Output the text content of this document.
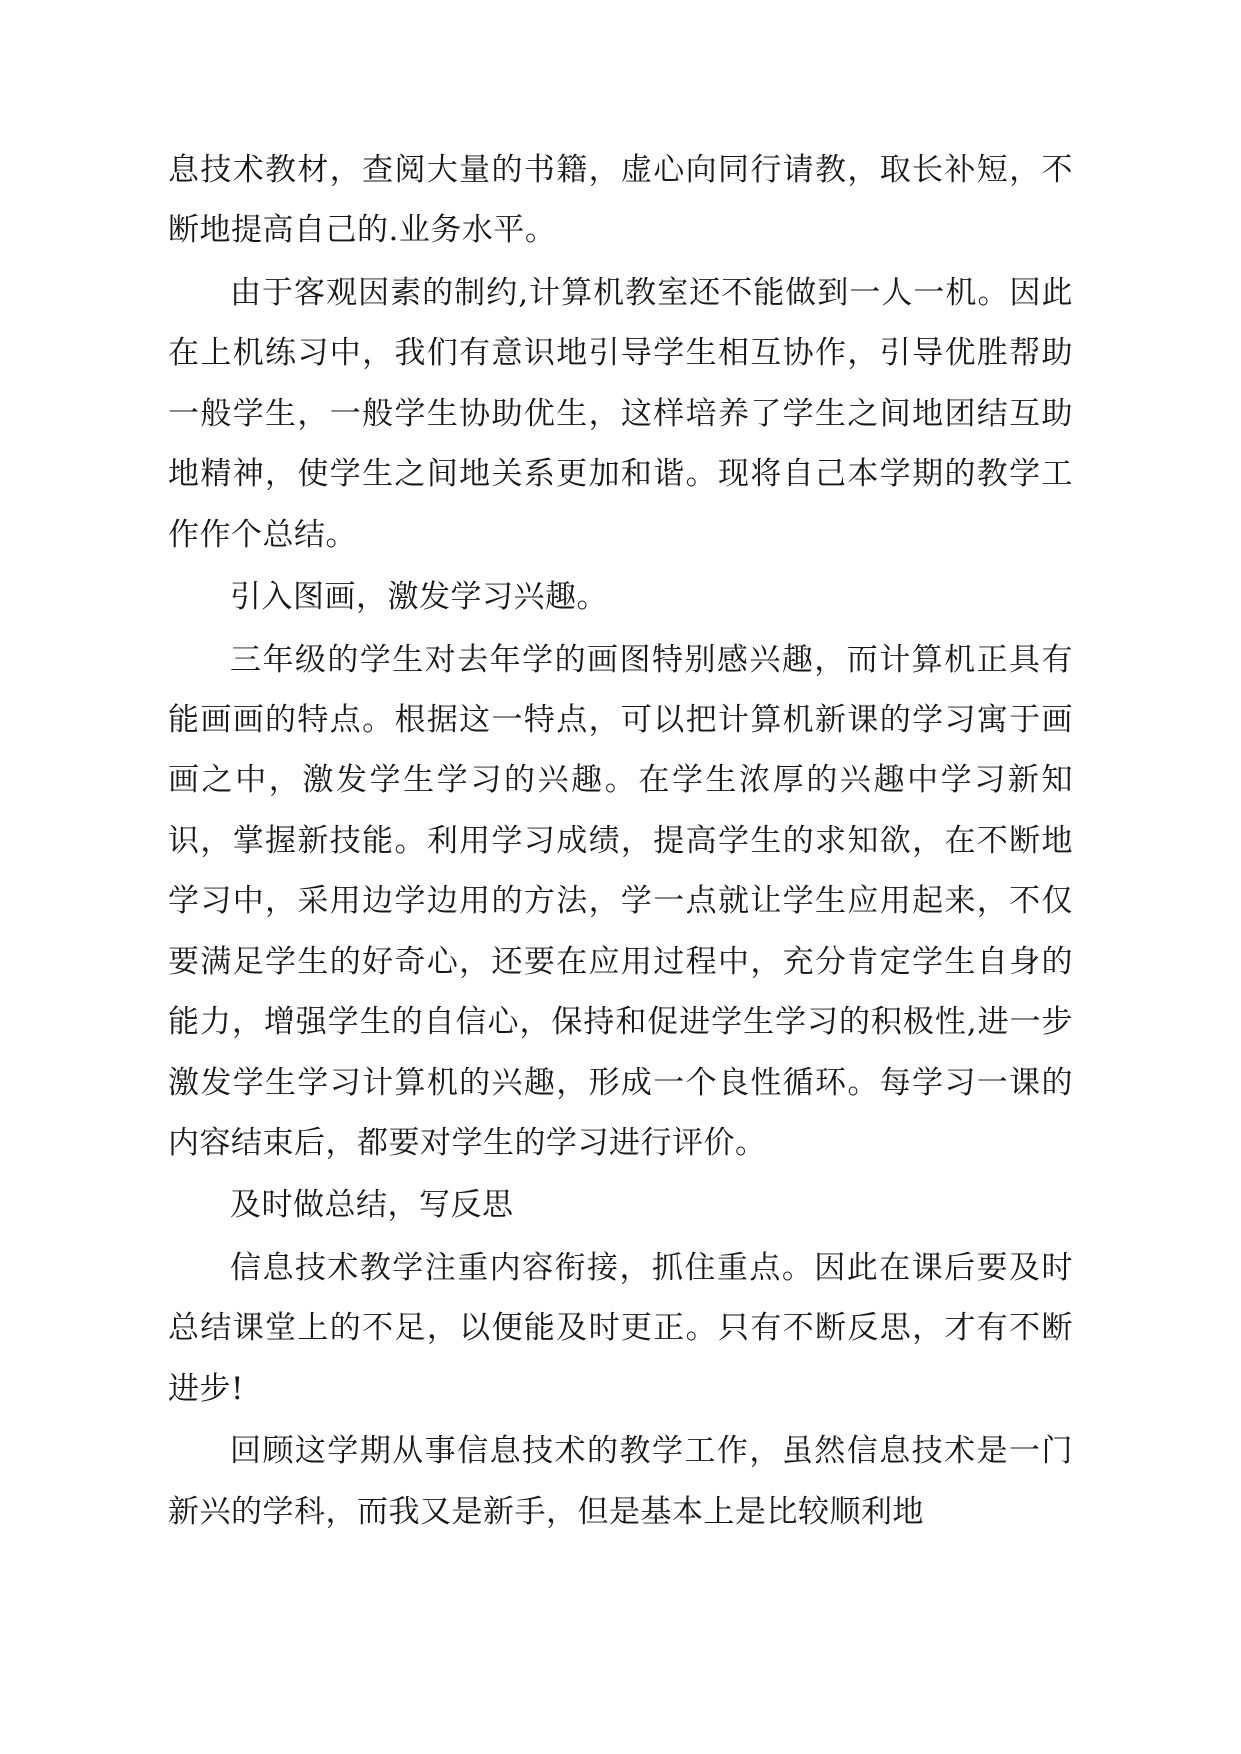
息技术教材，查阅大量的书籍，虚心向同行请教，取长补短，不断地提高自己的.业务水平。

由于客观因素的制约,计算机教室还不能做到一人一机。因此在上机练习中，我们有意识地引导学生相互协作，引导优胜帮助一般学生，一般学生协助优生，这样培养了学生之间地团结互助地精神，使学生之间地关系更加和谐。现将自己本学期的教学工作作个总结。

引入图画，激发学习兴趣。

三年级的学生对去年学的画图特别感兴趣，而计算机正具有能画画的特点。根据这一特点，可以把计算机新课的学习寓于画画之中，激发学生学习的兴趣。在学生浓厚的兴趣中学习新知识，掌握新技能。利用学习成绩，提高学生的求知欲，在不断地学习中，采用边学边用的方法，学一点就让学生应用起来，不仅要满足学生的好奇心，还要在应用过程中，充分肯定学生自身的能力，增强学生的自信心，保持和促进学生学习的积极性,进一步激发学生学习计算机的兴趣，形成一个良性循环。每学习一课的内容结束后，都要对学生的学习进行评价。

及时做总结，写反思

信息技术教学注重内容衔接，抓住重点。因此在课后要及时总结课堂上的不足，以便能及时更正。只有不断反思，才有不断进步!

回顾这学期从事信息技术的教学工作，虽然信息技术是一门新兴的学科，而我又是新手，但是基本上是比较顺利地
